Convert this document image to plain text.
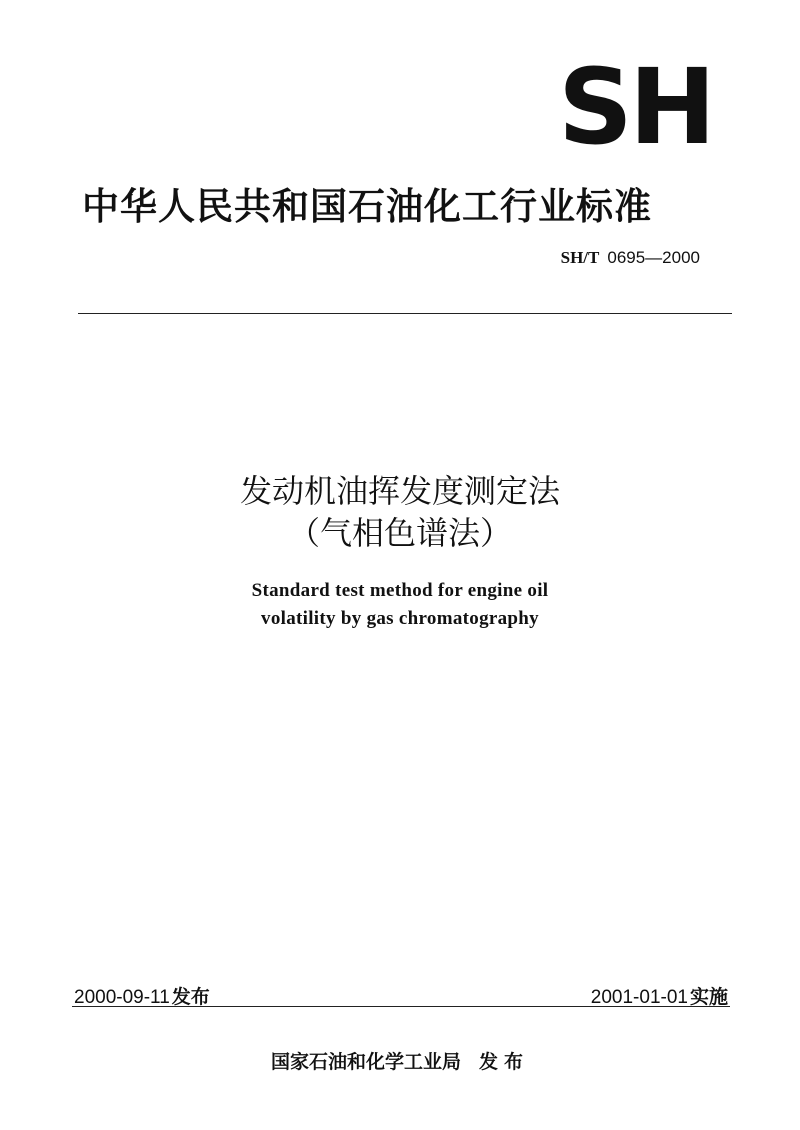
SH
中华人民共和国石油化工行业标准
SH/T 0695—2000
发动机油挥发度测定法
（气相色谱法）
Standard test method for engine oil
volatility by gas chromatography
2000-09-11 发布	2001-01-01 实施
国家石油和化学工业局 发布
